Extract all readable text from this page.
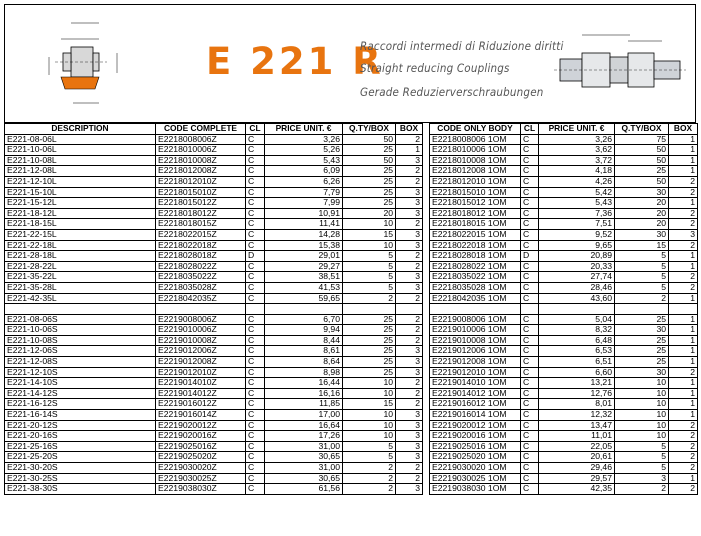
E 221 R
Raccordi intermedi di Riduzione diritti
Straight reducing Couplings
Gerade Reduzierverschraubungen
DESCRIPTION	CODE COMPLETE	CL	PRICE UNIT. €	Q.TY/BOX	BOX
E221-08-06L	E2218008006Z	C	3,26	50	2
E221-10-06L	E2218010006Z	C	5,26	25	1
E221-10-08L	E2218010008Z	C	5,43	50	3
E221-12-08L	E2218012008Z	C	6,09	25	2
E221-12-10L	E2218012010Z	C	6,26	25	2
E221-15-10L	E2218015010Z	C	7,79	25	3
E221-15-12L	E2218015012Z	C	7,99	25	3
E221-18-12L	E2218018012Z	C	10,91	20	3
E221-18-15L	E2218018015Z	C	11,41	10	2
E221-22-15L	E2218022015Z	C	14,28	15	3
E221-22-18L	E2218022018Z	C	15,38	10	3
E221-28-18L	E2218028018Z	D	29,01	5	2
E221-28-22L	E2218028022Z	C	29,27	5	2
E221-35-22L	E2218035022Z	C	38,51	5	3
E221-35-28L	E2218035028Z	C	41,53	5	3
E221-42-35L	E2218042035Z	C	59,65	2	2

E221-08-06S	E2219008006Z	C	6,70	25	2
E221-10-06S	E2219010006Z	C	9,94	25	2
E221-10-08S	E2219010008Z	C	8,44	25	2
E221-12-06S	E2219012006Z	C	8,61	25	3
E221-12-08S	E2219012008Z	C	8,64	25	3
E221-12-10S	E2219012010Z	C	8,98	25	3
E221-14-10S	E2219014010Z	C	16,44	10	2
E221-14-12S	E2219014012Z	C	16,16	10	2
E221-16-12S	E2219016012Z	C	11,85	15	2
E221-16-14S	E2219016014Z	C	17,00	10	3
E221-20-12S	E2219020012Z	C	16,64	10	3
E221-20-16S	E2219020016Z	C	17,26	10	3
E221-25-16S	E2219025016Z	C	31,00	5	3
E221-25-20S	E2219025020Z	C	30,65	5	3
E221-30-20S	E2219030020Z	C	31,00	2	2
E221-30-25S	E2219030025Z	C	30,65	2	2
E221-38-30S	E2219038030Z	C	61,56	2	3
CODE ONLY BODY	CL	PRICE UNIT. €	Q.TY/BOX	BOX
E2218008006 1OM	C	3,26	75	1
E2218010006 1OM	C	3,62	50	1
E2218010008 1OM	C	3,72	50	1
E2218012008 1OM	C	4,18	25	1
E2218012010 1OM	C	4,26	50	2
E2218015010 1OM	C	5,42	30	2
E2218015012 1OM	C	5,43	20	1
E2218018012 1OM	C	7,36	20	2
E2218018015 1OM	C	7,51	20	2
E2218022015 1OM	C	9,52	30	3
E2218022018 1OM	C	9,65	15	2
E2218028018 1OM	D	20,89	5	1
E2218028022 1OM	C	20,33	5	1
E2218035022 1OM	C	27,74	5	2
E2218035028 1OM	C	28,46	5	2
E2218042035 1OM	C	43,60	2	1

E2219008006 1OM	C	5,04	25	1
E2219010006 1OM	C	8,32	30	1
E2219010008 1OM	C	6,48	25	1
E2219012006 1OM	C	6,53	25	1
E2219012008 1OM	C	6,51	25	1
E2219012010 1OM	C	6,60	30	2
E2219014010 1OM	C	13,21	10	1
E2219014012 1OM	C	12,76	10	1
E2219016012 1OM	C	8,01	10	1
E2219016014 1OM	C	12,32	10	1
E2219020012 1OM	C	13,47	10	2
E2219020016 1OM	C	11,01	10	2
E2219025016 1OM	C	22,05	5	2
E2219025020 1OM	C	20,61	5	2
E2219030020 1OM	C	29,46	5	2
E2219030025 1OM	C	29,57	3	1
E2219038030 1OM	C	42,35	2	2
